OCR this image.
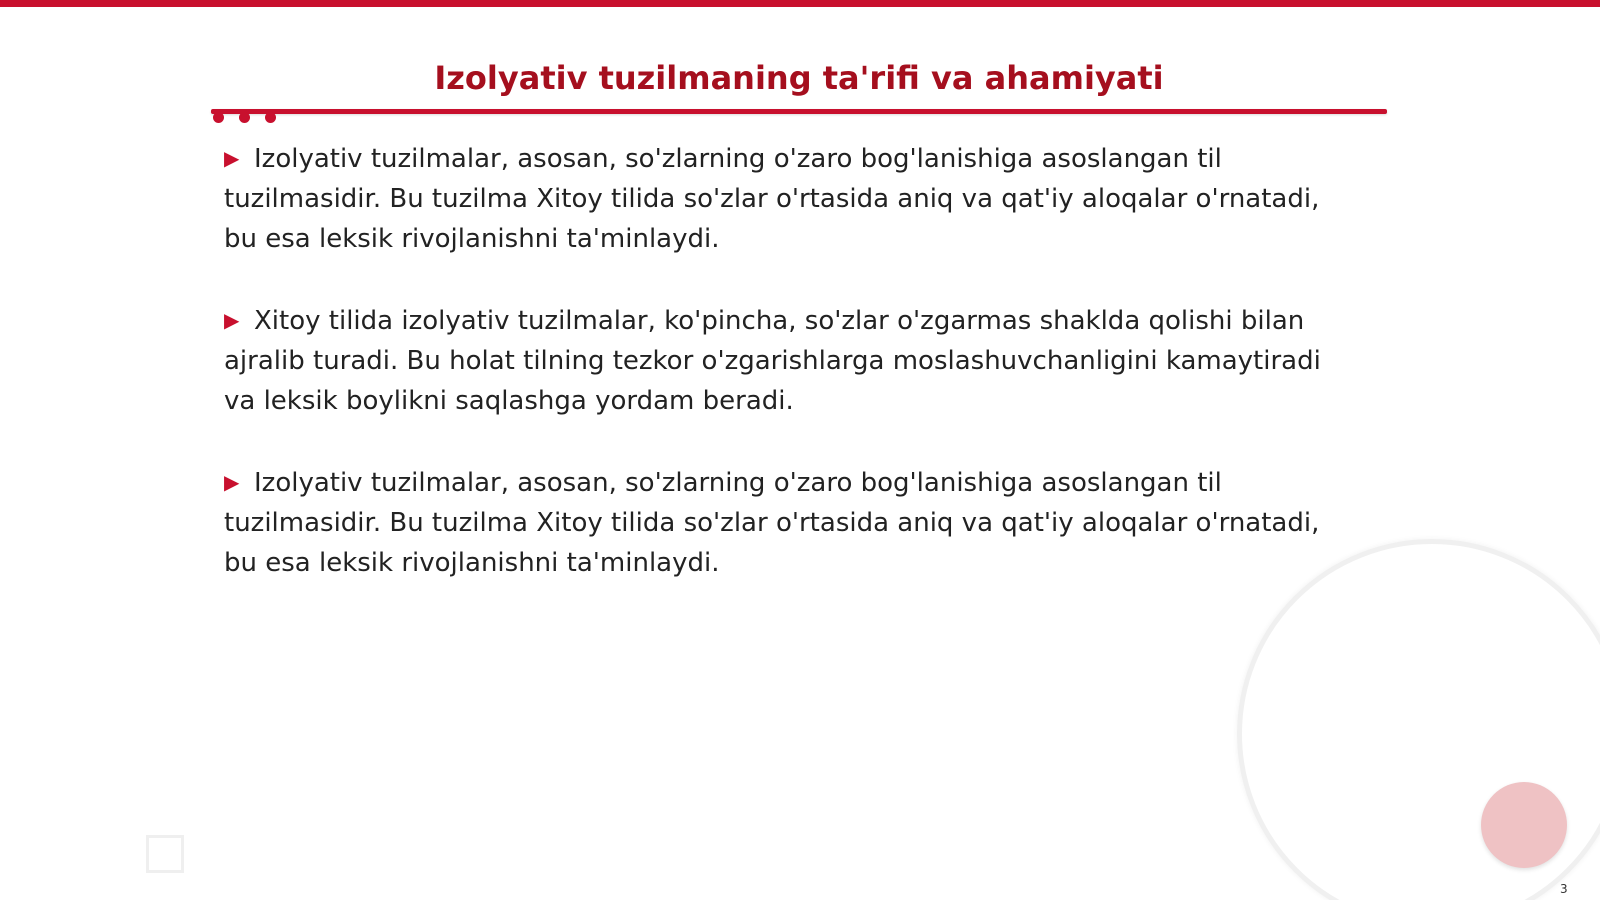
Izolyativ tuzilmaning ta'rifi va ahamiyati

▶ Izolyativ tuzilmalar, asosan, so'zlarning o'zaro bog'lanishiga asoslangan til tuzilmasidir. Bu tuzilma Xitoy tilida so'zlar o'rtasida aniq va qat'iy aloqalar o'rnatadi, bu esa leksik rivojlanishni ta'minlaydi.

▶ Xitoy tilida izolyativ tuzilmalar, ko'pincha, so'zlar o'zgarmas shaklda qolishi bilan ajralib turadi. Bu holat tilning tezkor o'zgarishlarga moslashuvchanligini kamaytiradi va leksik boylikni saqlashga yordam beradi.

▶ Izolyativ tuzilmalar, asosan, so'zlarning o'zaro bog'lanishiga asoslangan til tuzilmasidir. Bu tuzilma Xitoy tilida so'zlar o'rtasida aniq va qat'iy aloqalar o'rnatadi, bu esa leksik rivojlanishni ta'minlaydi.

3
